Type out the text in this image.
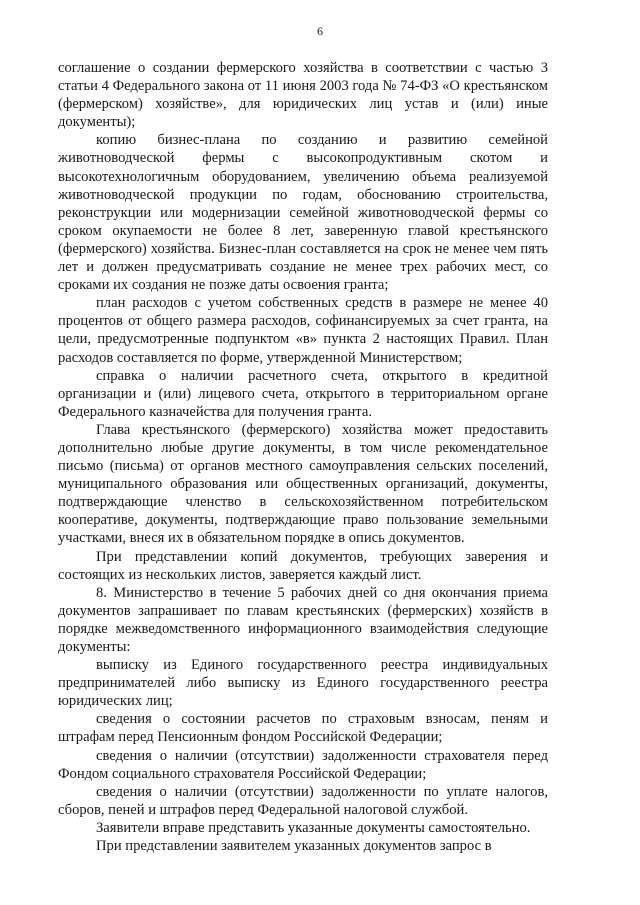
6

соглашение о создании фермерского хозяйства в соответствии с частью 3 статьи 4 Федерального закона от 11 июня 2003 года № 74-ФЗ «О крестьянском (фермерском) хозяйстве», для юридических лиц устав и (или) иные документы);

копию бизнес-плана по созданию и развитию семейной животноводческой фермы с высокопродуктивным скотом и высокотехнологичным оборудованием, увеличению объема реализуемой животноводческой продукции по годам, обоснованию строительства, реконструкции или модернизации семейной животноводческой фермы со сроком окупаемости не более 8 лет, заверенную главой крестьянского (фермерского) хозяйства. Бизнес-план составляется на срок не менее чем пять лет и должен предусматривать создание не менее трех рабочих мест, со сроками их создания не позже даты освоения гранта;

план расходов с учетом собственных средств в размере не менее 40 процентов от общего размера расходов, софинансируемых за счет гранта, на цели, предусмотренные подпунктом «в» пункта 2 настоящих Правил. План расходов составляется по форме, утвержденной Министерством;

справка о наличии расчетного счета, открытого в кредитной организации и (или) лицевого счета, открытого в территориальном органе Федерального казначейства для получения гранта.

Глава крестьянского (фермерского) хозяйства может предоставить дополнительно любые другие документы, в том числе рекомендательное письмо (письма) от органов местного самоуправления сельских поселений, муниципального образования или общественных организаций, документы, подтверждающие членство в сельскохозяйственном потребительском кооперативе, документы, подтверждающие право пользование земельными участками, внеся их в обязательном порядке в опись документов.

При представлении копий документов, требующих заверения и состоящих из нескольких листов, заверяется каждый лист.

8. Министерство в течение 5 рабочих дней со дня окончания приема документов запрашивает по главам крестьянских (фермерских) хозяйств в порядке межведомственного информационного взаимодействия следующие документы:

выписку из Единого государственного реестра индивидуальных предпринимателей либо выписку из Единого государственного реестра юридических лиц;

сведения о состоянии расчетов по страховым взносам, пеням и штрафам перед Пенсионным фондом Российской Федерации;

сведения о наличии (отсутствии) задолженности страхователя перед Фондом социального страхователя Российской Федерации;

сведения о наличии (отсутствии) задолженности по уплате налогов, сборов, пеней и штрафов перед Федеральной налоговой службой.

Заявители вправе представить указанные документы самостоятельно.

При представлении заявителем указанных документов запрос в
